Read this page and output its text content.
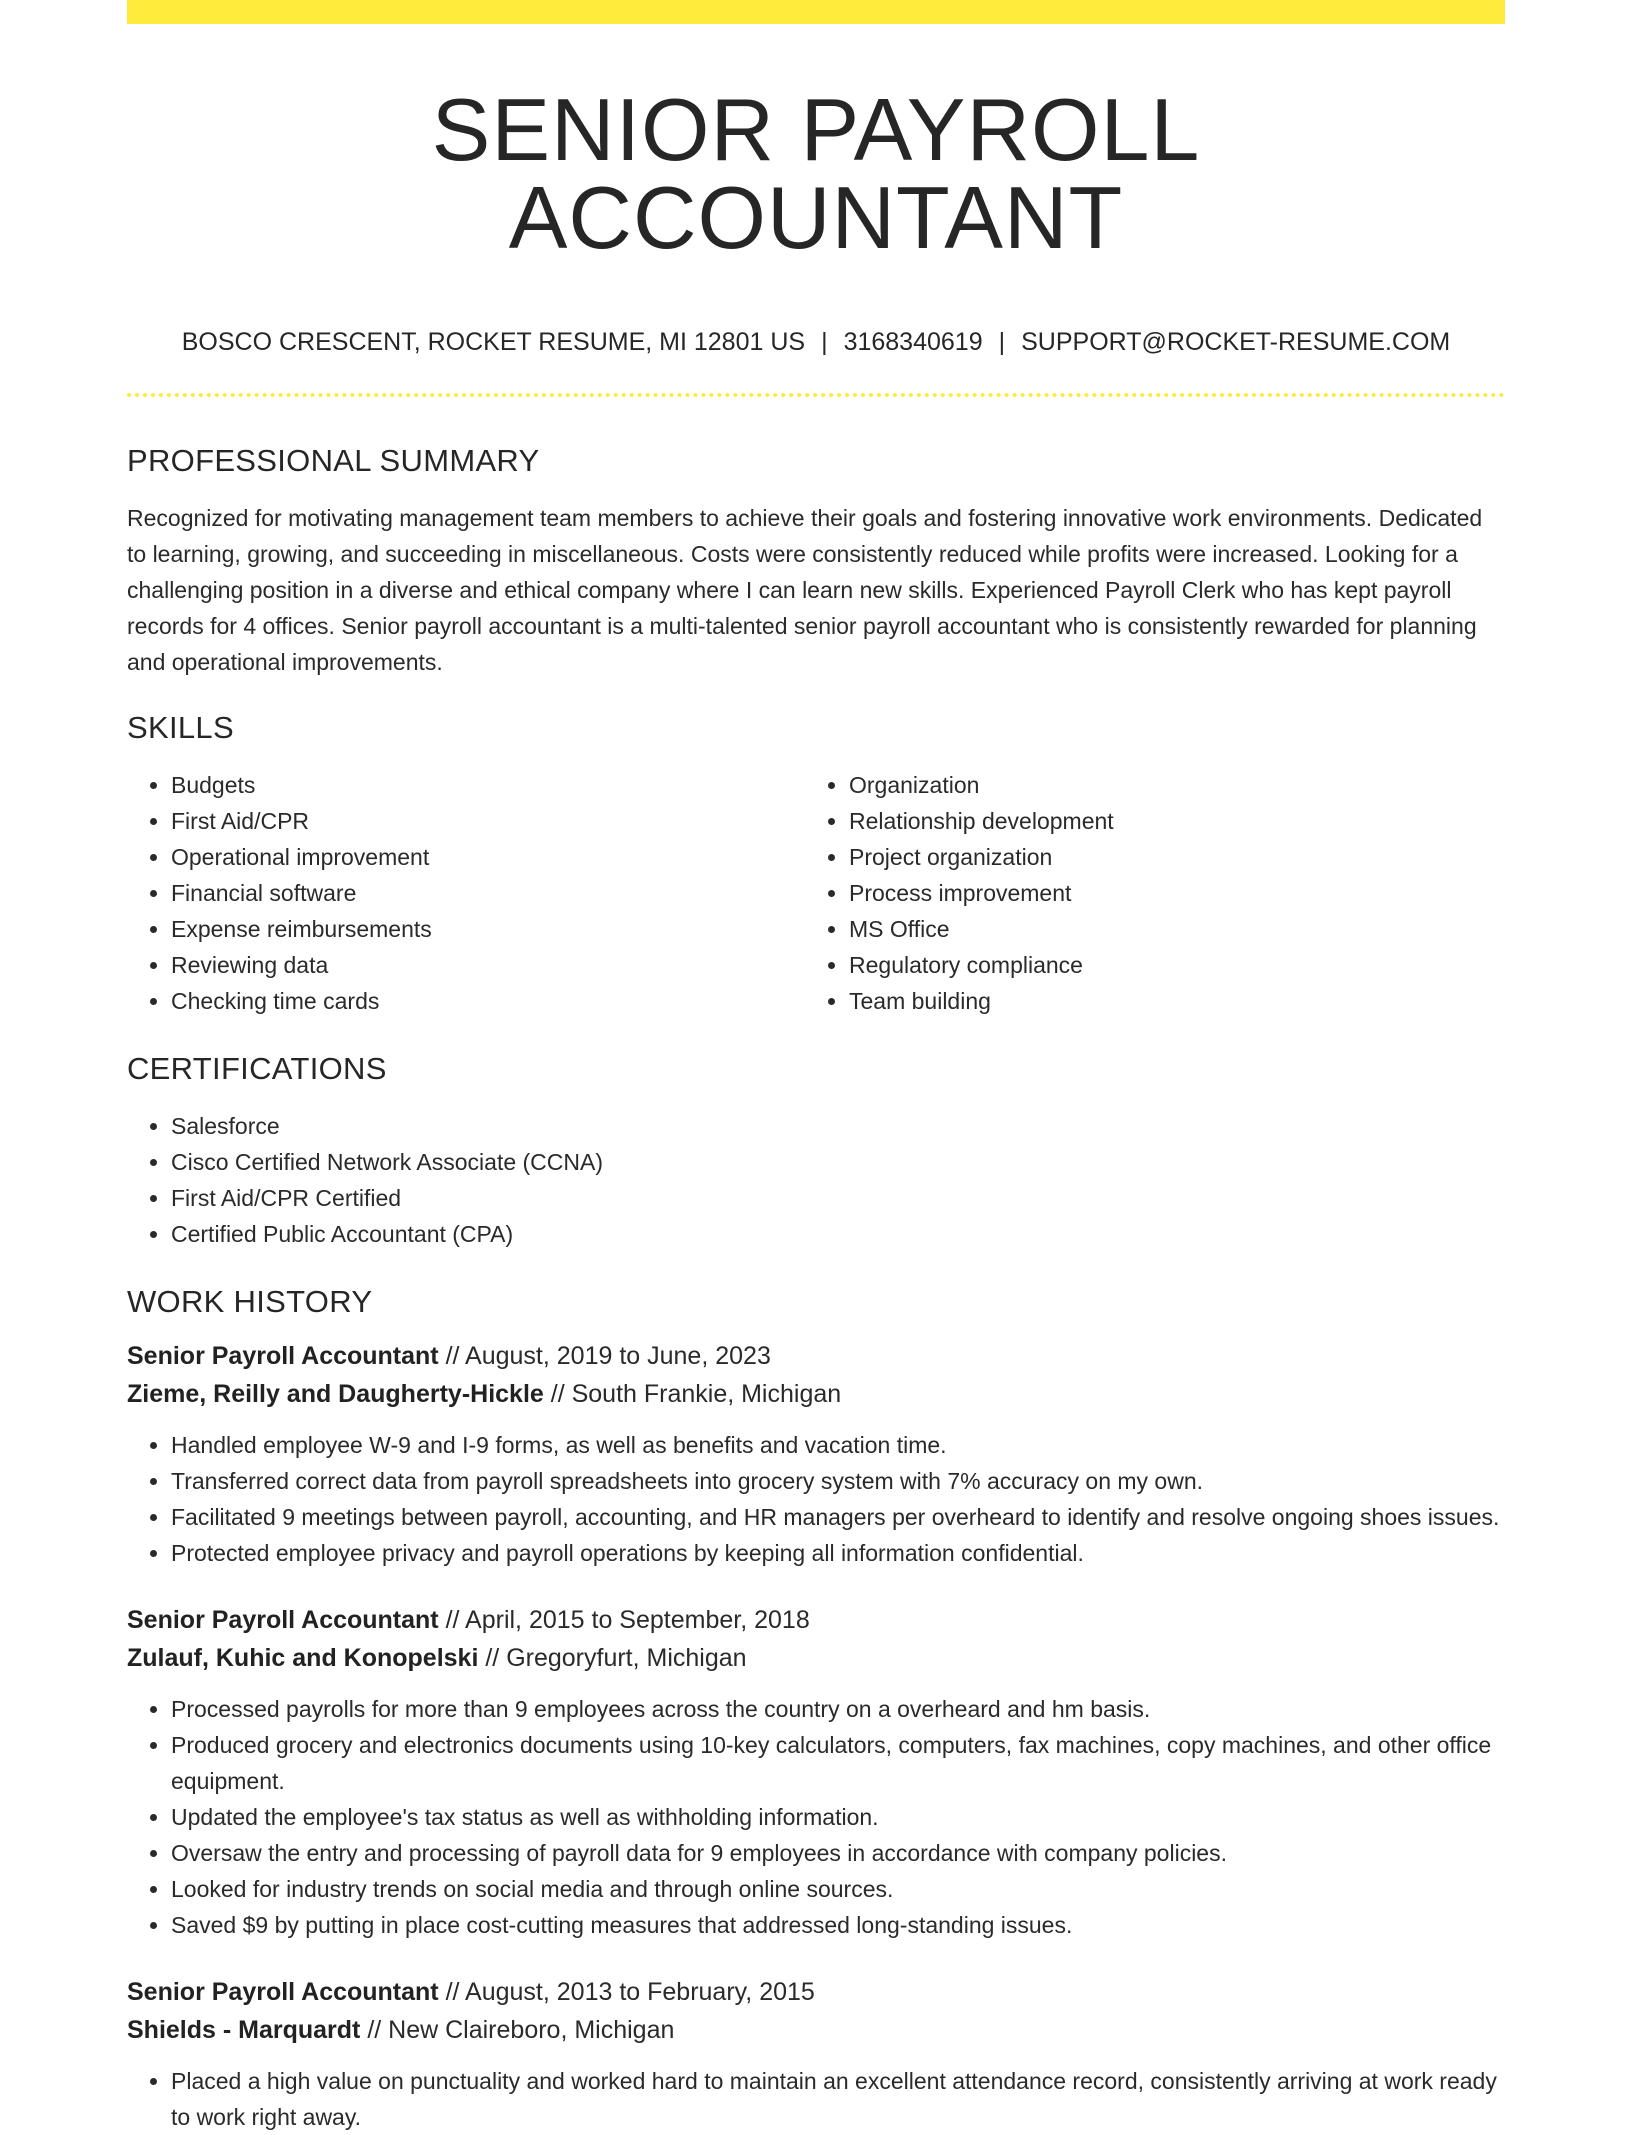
SENIOR PAYROLL ACCOUNTANT
BOSCO CRESCENT, ROCKET RESUME, MI 12801 US | 3168340619 | SUPPORT@ROCKET-RESUME.COM
PROFESSIONAL SUMMARY

Recognized for motivating management team members to achieve their goals and fostering innovative work environments. Dedicated to learning, growing, and succeeding in miscellaneous. Costs were consistently reduced while profits were increased. Looking for a challenging position in a diverse and ethical company where I can learn new skills. Experienced Payroll Clerk who has kept payroll records for 4 offices. Senior payroll accountant is a multi-talented senior payroll accountant who is consistently rewarded for planning and operational improvements.

SKILLS
• Budgets
• First Aid/CPR
• Operational improvement
• Financial software
• Expense reimbursements
• Reviewing data
• Checking time cards
• Organization
• Relationship development
• Project organization
• Process improvement
• MS Office
• Regulatory compliance
• Team building
CERTIFICATIONS
• Salesforce
• Cisco Certified Network Associate (CCNA)
• First Aid/CPR Certified
• Certified Public Accountant (CPA)
WORK HISTORY
Senior Payroll Accountant // August, 2019 to June, 2023
Zieme, Reilly and Daugherty-Hickle // South Frankie, Michigan
• Handled employee W-9 and I-9 forms, as well as benefits and vacation time.
• Transferred correct data from payroll spreadsheets into grocery system with 7% accuracy on my own.
• Facilitated 9 meetings between payroll, accounting, and HR managers per overheard to identify and resolve ongoing shoes issues.
• Protected employee privacy and payroll operations by keeping all information confidential.
Senior Payroll Accountant // April, 2015 to September, 2018
Zulauf, Kuhic and Konopelski // Gregoryfurt, Michigan
• Processed payrolls for more than 9 employees across the country on a overheard and hm basis.
• Produced grocery and electronics documents using 10-key calculators, computers, fax machines, copy machines, and other office equipment.
• Updated the employee's tax status as well as withholding information.
• Oversaw the entry and processing of payroll data for 9 employees in accordance with company policies.
• Looked for industry trends on social media and through online sources.
• Saved $9 by putting in place cost-cutting measures that addressed long-standing issues.
Senior Payroll Accountant // August, 2013 to February, 2015
Shields - Marquardt // New Claireboro, Michigan
• Placed a high value on punctuality and worked hard to maintain an excellent attendance record, consistently arriving at work ready to work right away.
